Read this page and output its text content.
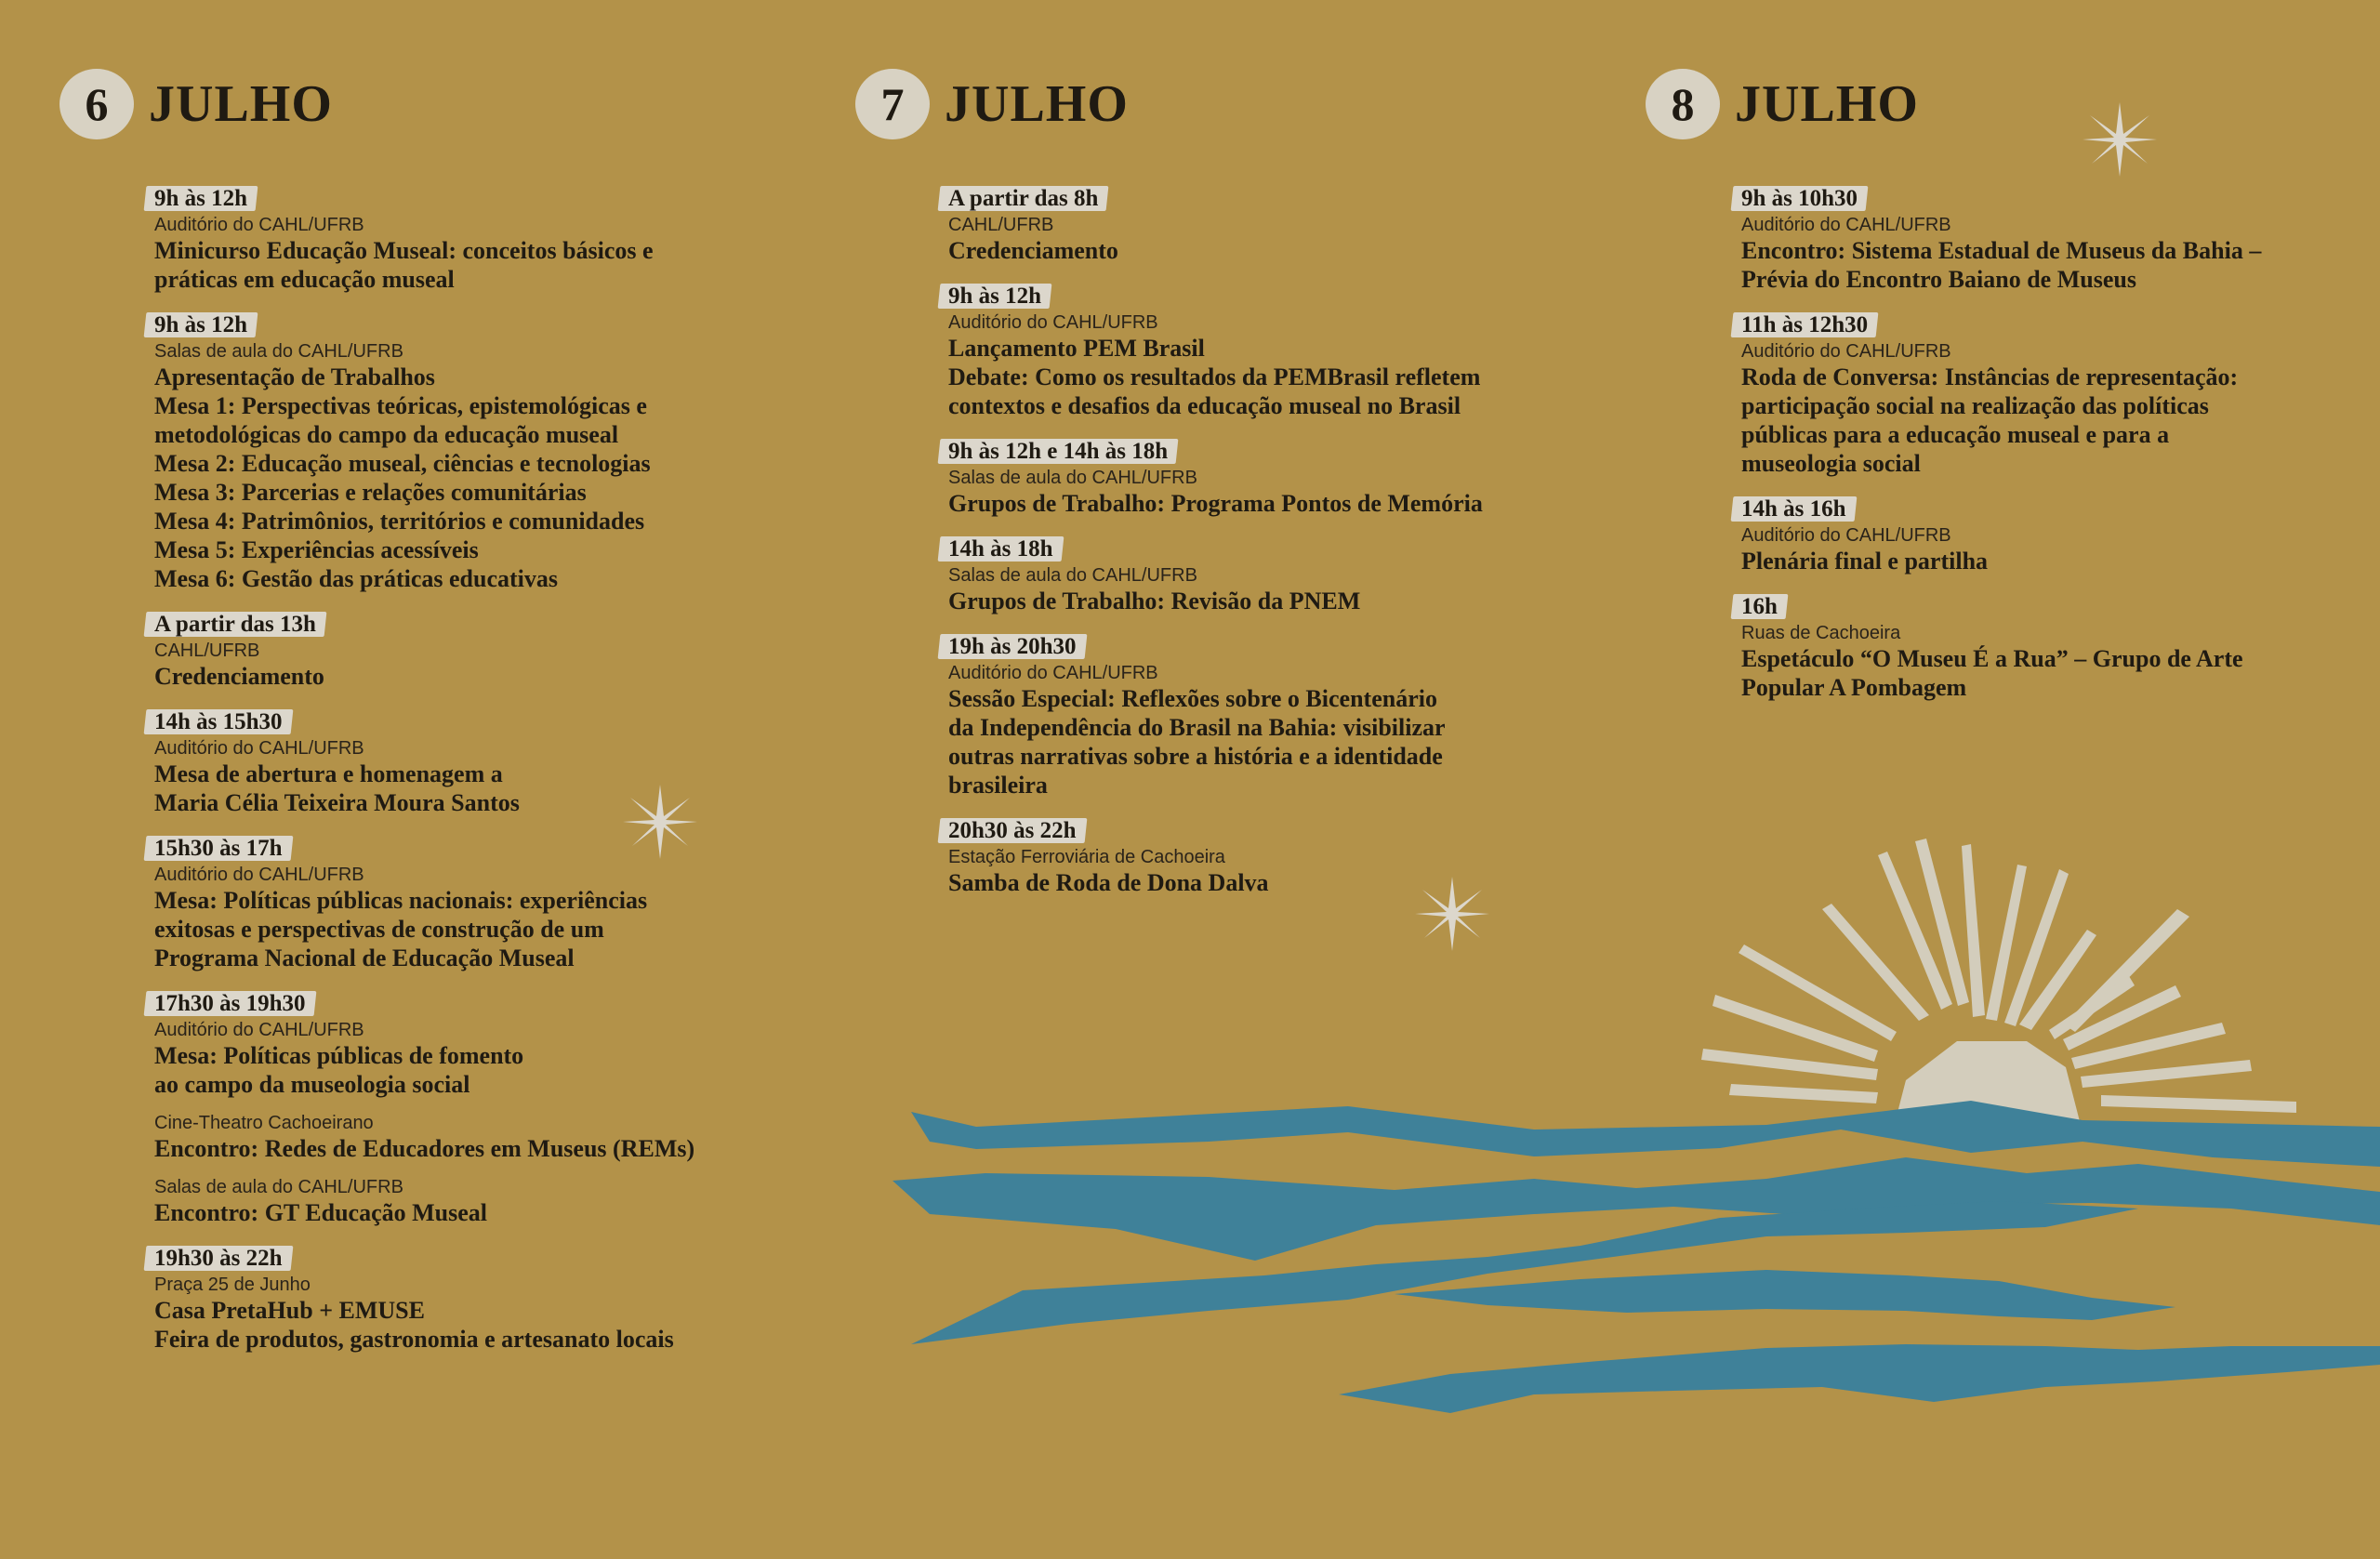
6 JULHO
9h às 12h
Auditório do CAHL/UFRB
Minicurso Educação Museal: conceitos básicos e
práticas em educação museal
9h às 12h
Salas de aula do CAHL/UFRB
Apresentação de Trabalhos
Mesa 1: Perspectivas teóricas, epistemológicas e
metodológicas do campo da educação museal
Mesa 2: Educação museal, ciências e tecnologias
Mesa 3: Parcerias e relações comunitárias
Mesa 4: Patrimônios, territórios e comunidades
Mesa 5: Experiências acessíveis
Mesa 6: Gestão das práticas educativas
A partir das 13h
CAHL/UFRB
Credenciamento
14h às 15h30
Auditório do CAHL/UFRB
Mesa de abertura e homenagem a
Maria Célia Teixeira Moura Santos
15h30 às 17h
Auditório do CAHL/UFRB
Mesa: Políticas públicas nacionais: experiências
exitosas e perspectivas de construção de um
Programa Nacional de Educação Museal
17h30 às 19h30
Auditório do CAHL/UFRB
Mesa: Políticas públicas de fomento
ao campo da museologia social
Cine-Theatro Cachoeirano
Encontro: Redes de Educadores em Museus (REMs)
Salas de aula do CAHL/UFRB
Encontro: GT Educação Museal
19h30 às 22h
Praça 25 de Junho
Casa PretaHub + EMUSE
Feira de produtos, gastronomia e artesanato locais
7 JULHO
A partir das 8h
CAHL/UFRB
Credenciamento
9h às 12h
Auditório do CAHL/UFRB
Lançamento PEM Brasil
Debate: Como os resultados da PEMBrasil refletem
contextos e desafios da educação museal no Brasil
9h às 12h e 14h às 18h
Salas de aula do CAHL/UFRB
Grupos de Trabalho: Programa Pontos de Memória
14h às 18h
Salas de aula do CAHL/UFRB
Grupos de Trabalho: Revisão da PNEM
19h às 20h30
Auditório do CAHL/UFRB
Sessão Especial: Reflexões sobre o Bicentenário
da Independência do Brasil na Bahia: visibilizar
outras narrativas sobre a história e a identidade
brasileira
20h30 às 22h
Estação Ferroviária de Cachoeira
Samba de Roda de Dona Dalva
8 JULHO
9h às 10h30
Auditório do CAHL/UFRB
Encontro: Sistema Estadual de Museus da Bahia –
Prévia do Encontro Baiano de Museus
11h às 12h30
Auditório do CAHL/UFRB
Roda de Conversa: Instâncias de representação:
participação social na realização das políticas
públicas para a educação museal e para a
museologia social
14h às 16h
Auditório do CAHL/UFRB
Plenária final e partilha
16h
Ruas de Cachoeira
Espetáculo “O Museu É a Rua” – Grupo de Arte
Popular A Pombagem
